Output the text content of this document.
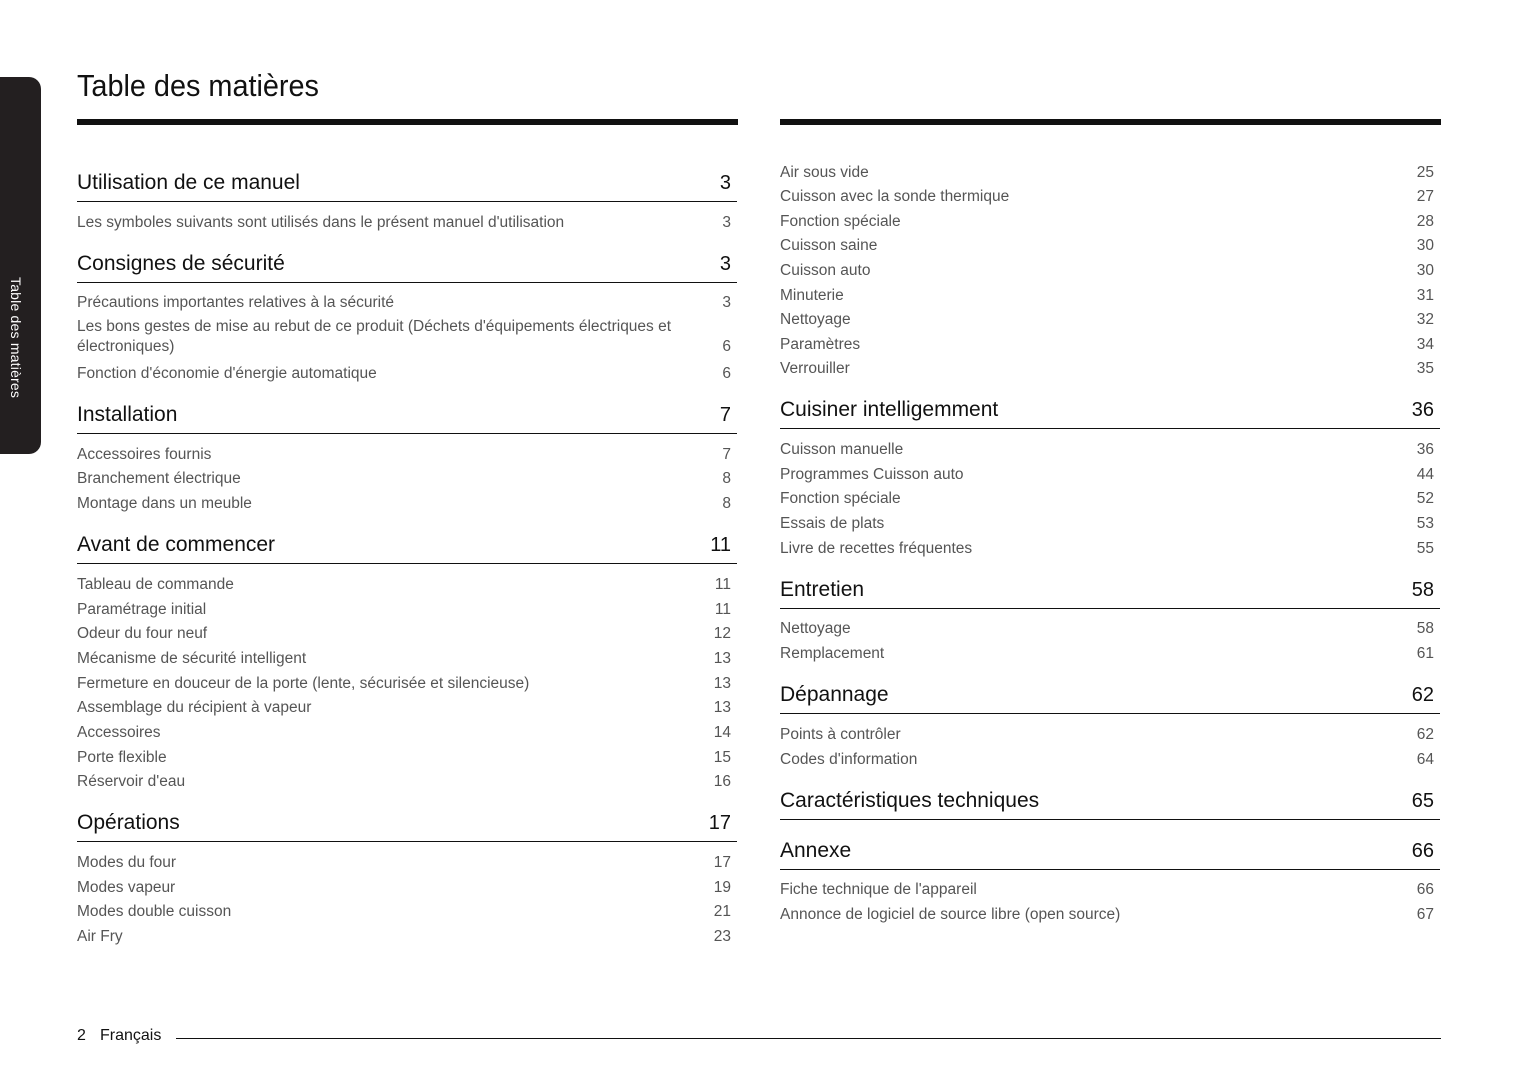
Table des matières
Table des matières
Utilisation de ce manuel	3
Les symboles suivants sont utilisés dans le présent manuel d'utilisation	3
Consignes de sécurité	3
Précautions importantes relatives à la sécurité	3
Les bons gestes de mise au rebut de ce produit (Déchets d'équipements électriques et électroniques)	6
Fonction d'économie d'énergie automatique	6
Installation	7
Accessoires fournis	7
Branchement électrique	8
Montage dans un meuble	8
Avant de commencer	11
Tableau de commande	11
Paramétrage initial	11
Odeur du four neuf	12
Mécanisme de sécurité intelligent	13
Fermeture en douceur de la porte (lente, sécurisée et silencieuse)	13
Assemblage du récipient à vapeur	13
Accessoires	14
Porte flexible	15
Réservoir d'eau	16
Opérations	17
Modes du four	17
Modes vapeur	19
Modes double cuisson	21
Air Fry	23
Air sous vide	25
Cuisson avec la sonde thermique	27
Fonction spéciale	28
Cuisson saine	30
Cuisson auto	30
Minuterie	31
Nettoyage	32
Paramètres	34
Verrouiller	35
Cuisiner intelligemment	36
Cuisson manuelle	36
Programmes Cuisson auto	44
Fonction spéciale	52
Essais de plats	53
Livre de recettes fréquentes	55
Entretien	58
Nettoyage	58
Remplacement	61
Dépannage	62
Points à contrôler	62
Codes d'information	64
Caractéristiques techniques	65
Annexe	66
Fiche technique de l'appareil	66
Annonce de logiciel de source libre (open source)	67
2 Français
